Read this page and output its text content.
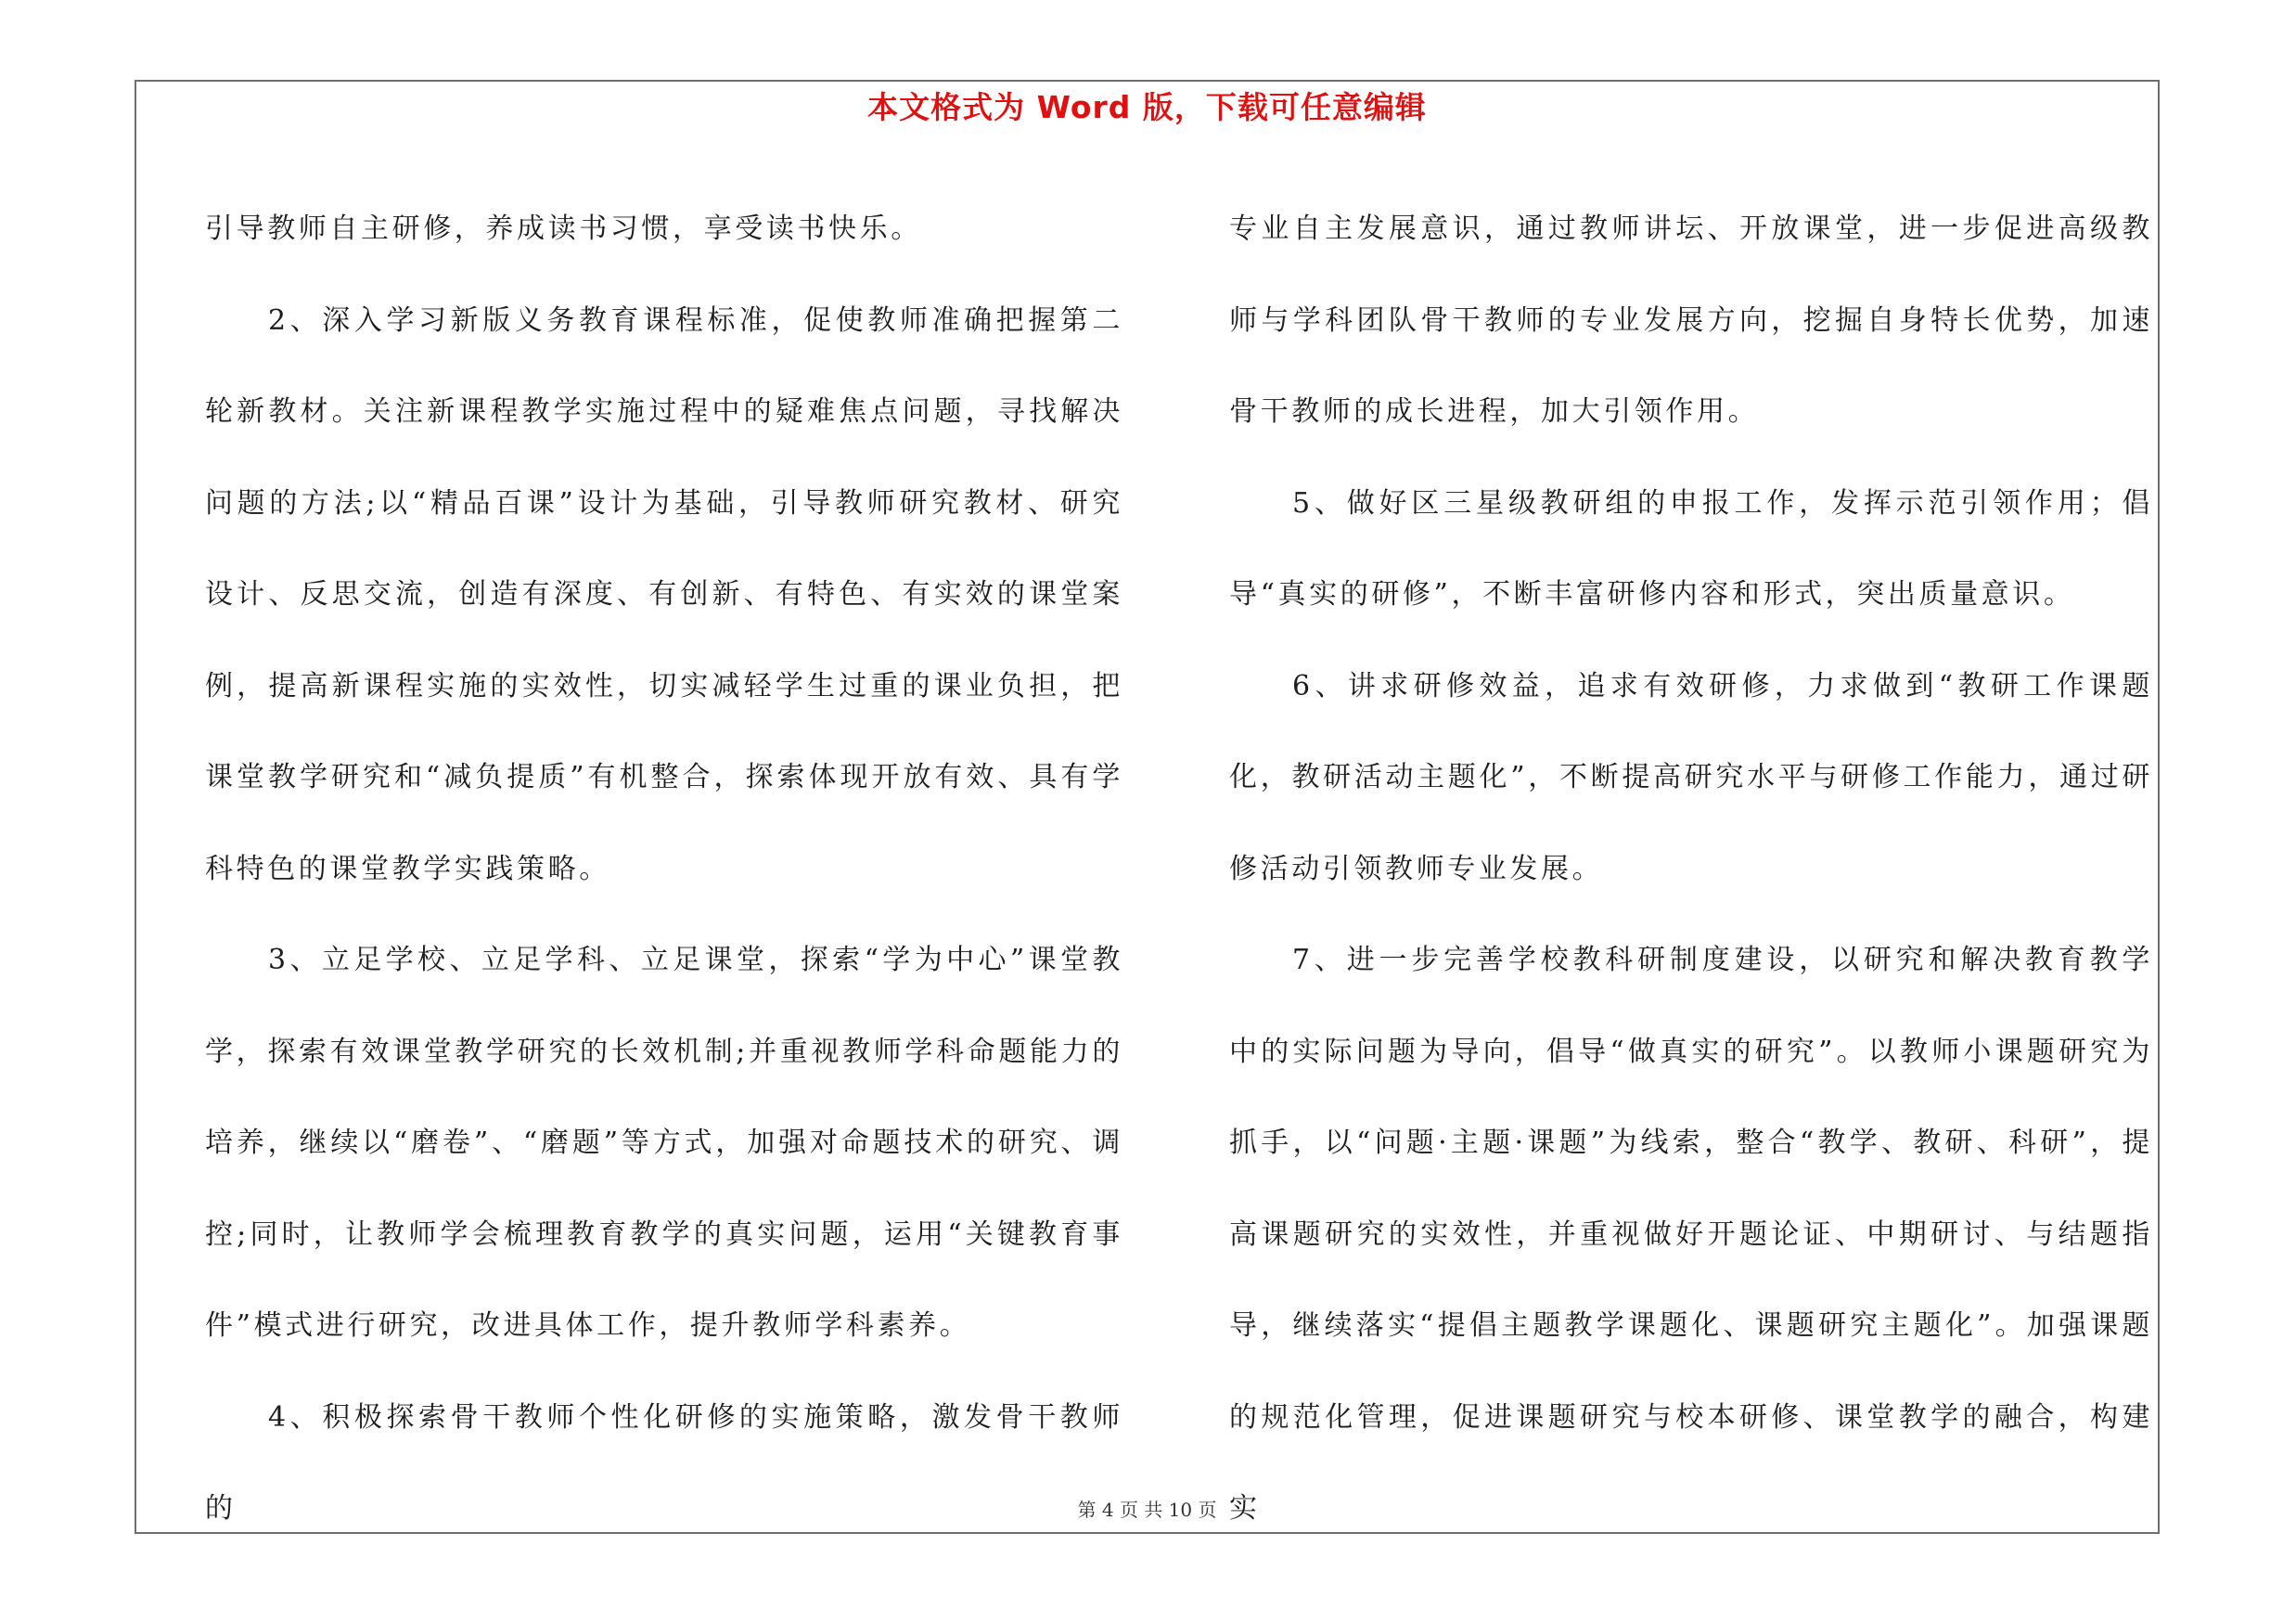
本文格式为 Word 版，下载可任意编辑

引导教师自主研修，养成读书习惯，享受读书快乐。

2、深入学习新版义务教育课程标准，促使教师准确把握第二轮新教材。关注新课程教学实施过程中的疑难焦点问题，寻找解决问题的方法;以“精品百课”设计为基础，引导教师研究教材、研究设计、反思交流，创造有深度、有创新、有特色、有实效的课堂案例，提高新课程实施的实效性，切实减轻学生过重的课业负担，把课堂教学研究和“减负提质”有机整合，探索体现开放有效、具有学科特色的课堂教学实践策略。

3、立足学校、立足学科、立足课堂，探索“学为中心”课堂教学，探索有效课堂教学研究的长效机制;并重视教师学科命题能力的培养，继续以“磨卷”、“磨题”等方式，加强对命题技术的研究、调控;同时，让教师学会梳理教育教学的真实问题，运用“关键教育事件”模式进行研究，改进具体工作，提升教师学科素养。

4、积极探索骨干教师个性化研修的实施策略，激发骨干教师的

专业自主发展意识，通过教师讲坛、开放课堂，进一步促进高级教师与学科团队骨干教师的专业发展方向，挖掘自身特长优势，加速骨干教师的成长进程，加大引领作用。

5、做好区三星级教研组的申报工作，发挥示范引领作用；倡导“真实的研修”，不断丰富研修内容和形式，突出质量意识。

6、讲求研修效益，追求有效研修，力求做到“教研工作课题化，教研活动主题化”，不断提高研究水平与研修工作能力，通过研修活动引领教师专业发展。

7、进一步完善学校教科研制度建设，以研究和解决教育教学中的实际问题为导向，倡导“做真实的研究”。以教师小课题研究为抓手，以“问题·主题·课题”为线索，整合“教学、教研、科研”，提高课题研究的实效性，并重视做好开题论证、中期研讨、与结题指导，继续落实“提倡主题教学课题化、课题研究主题化”。加强课题的规范化管理，促进课题研究与校本研修、课堂教学的融合，构建实

第 4 页 共 10 页
